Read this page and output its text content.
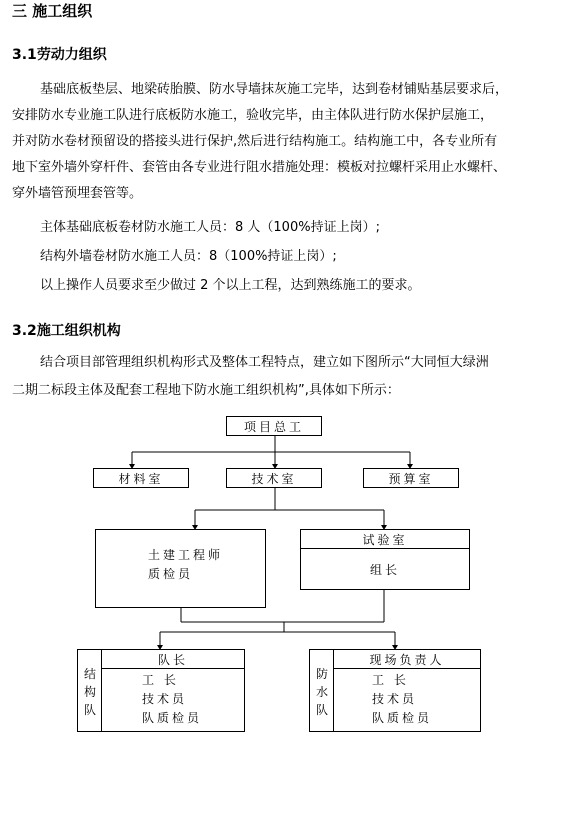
三 施工组织
3.1劳动力组织
基础底板垫层、地梁砖胎膜、防水导墙抹灰施工完毕，达到卷材铺贴基层要求后，
安排防水专业施工队进行底板防水施工，验收完毕，由主体队进行防水保护层施工，
并对防水卷材预留设的搭接头进行保护,然后进行结构施工。结构施工中，各专业所有
地下室外墙外穿杆件、套管由各专业进行阻水措施处理：模板对拉螺杆采用止水螺杆、
穿外墙管预埋套管等。
主体基础底板卷材防水施工人员：8 人（100%持证上岗）;
结构外墙卷材防水施工人员：8（100%持证上岗）;
以上操作人员要求至少做过 2 个以上工程，达到熟练施工的要求。
3.2施工组织机构
结合项目部管理组织机构形式及整体工程特点，建立如下图所示“大同恒大绿洲
二期二标段主体及配套工程地下防水施工组织机构”,具体如下所示：
项目总工
材料室	技术室	预算室
土建工程师
质检员
试验室
组长
结
构
队
队长
工 长
技术员
队质检员
防
水
队
现场负责人
工 长
技术员
队质检员
